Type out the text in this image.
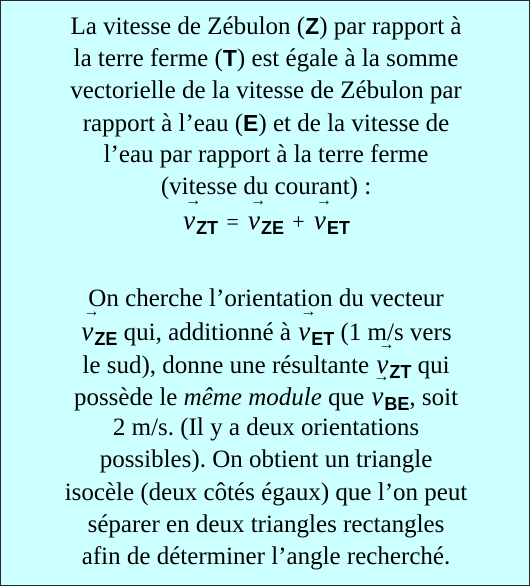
La vitesse de Zébulon (Z) par rapport à
la terre ferme (T) est égale à la somme
vectorielle de la vitesse de Zébulon par
rapport à l’eau (E) et de la vitesse de
l’eau par rapport à la terre ferme
(vitesse du courant) :
→ $v_{ZT}$ = → $v_{ZE}$ + → $v_{ET}$
On cherche l’orientation du vecteur
→ $v_{ZE}$ qui, additionné à → $v_{ET}$ (1 m/s vers
le sud), donne une résultante → $v_{ZT}$ qui
possède le même module que → $v_{BE}$, soit
2 m/s. (Il y a deux orientations
possibles). On obtient un triangle
isocèle (deux côtés égaux) que l’on peut
séparer en deux triangles rectangles
afin de déterminer l’angle recherché.
